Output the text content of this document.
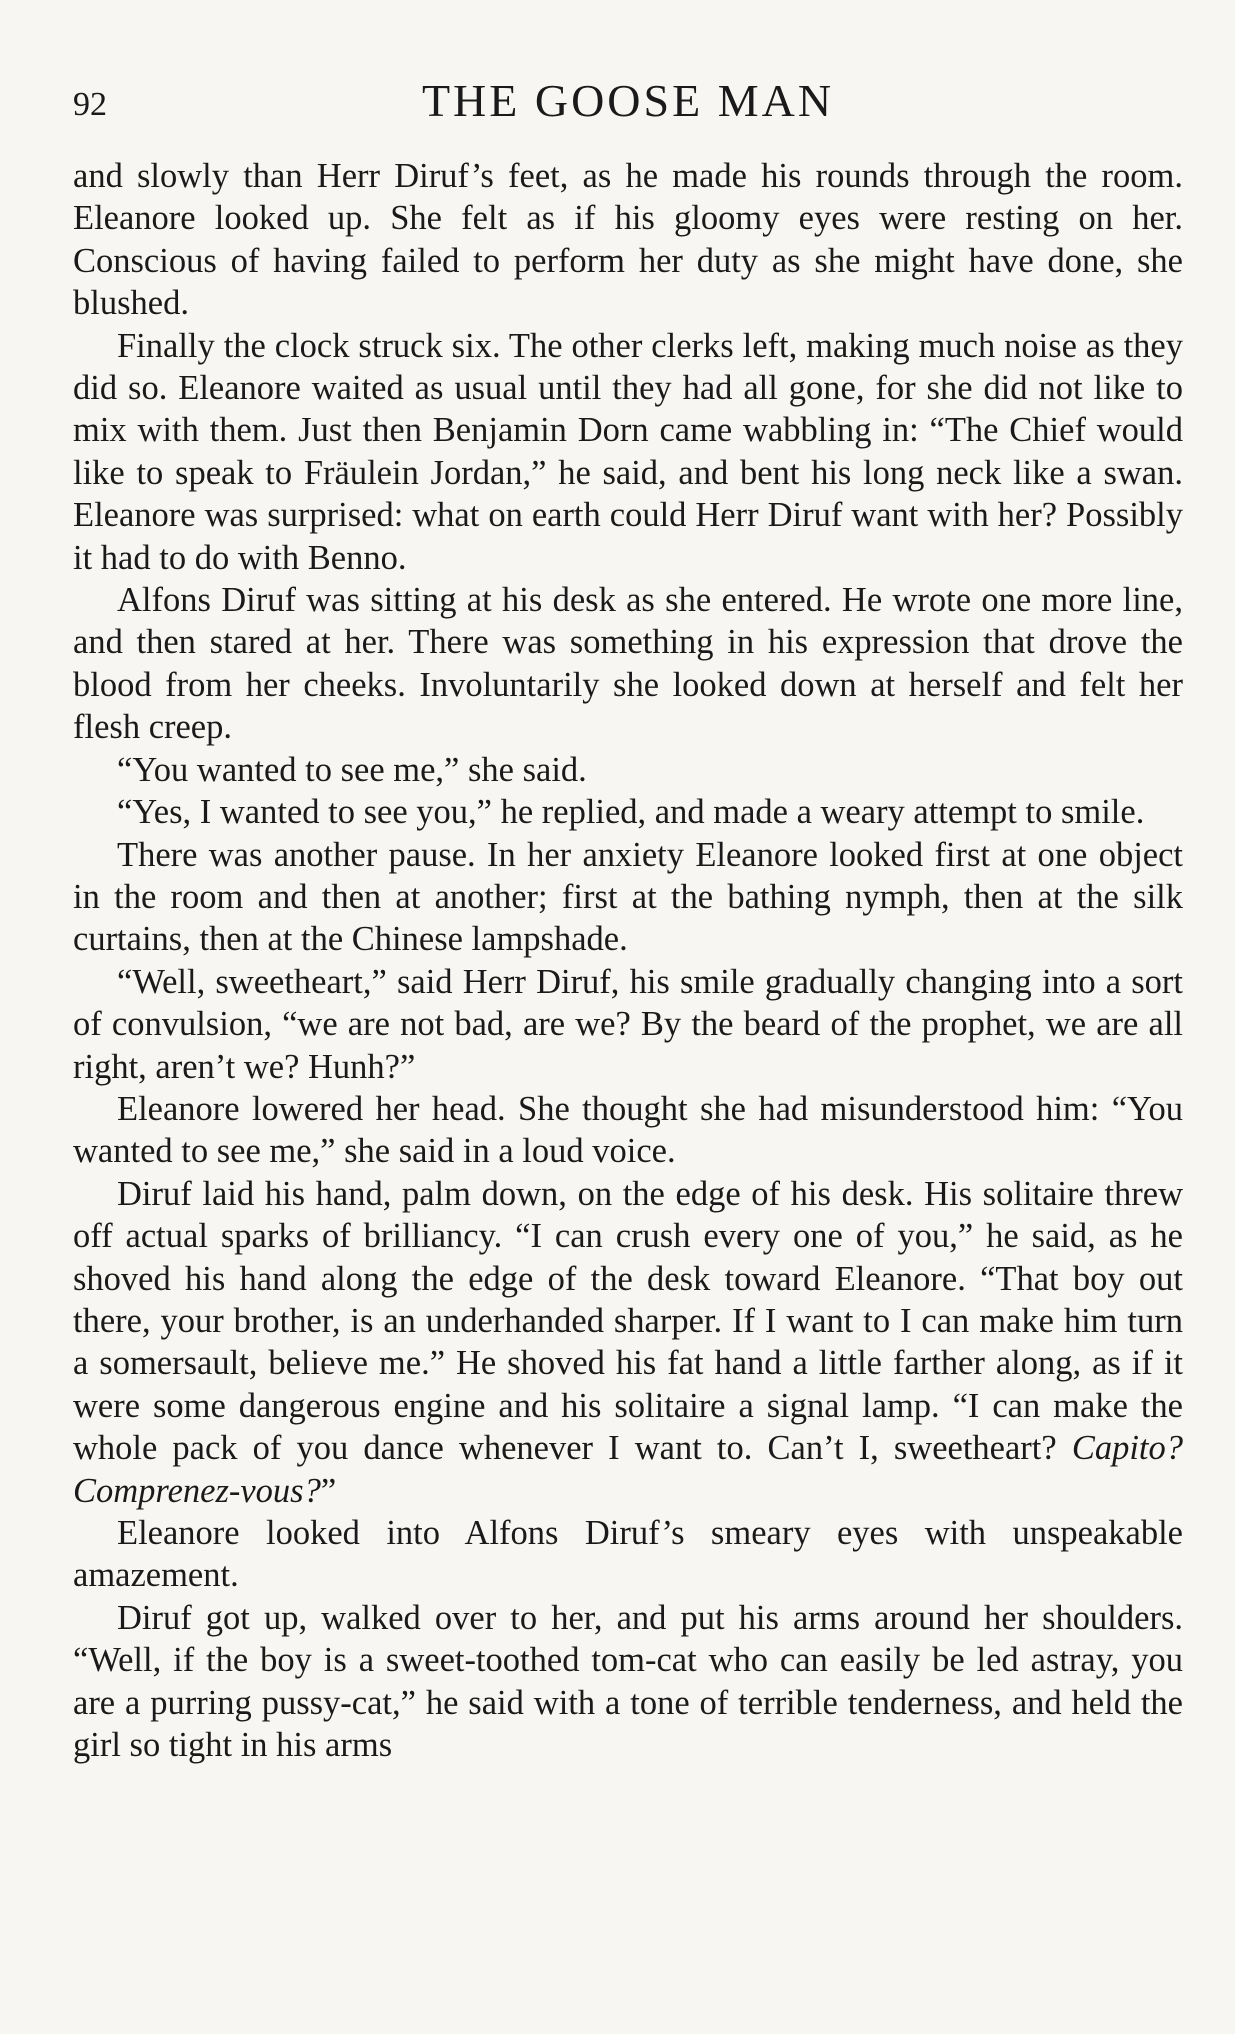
92	THE GOOSE MAN

and slowly than Herr Diruf’s feet, as he made his rounds through the room. Eleanore looked up. She felt as if his gloomy eyes were resting on her. Conscious of having failed to perform her duty as she might have done, she blushed.

Finally the clock struck six. The other clerks left, making much noise as they did so. Eleanore waited as usual until they had all gone, for she did not like to mix with them. Just then Benjamin Dorn came wabbling in: “The Chief would like to speak to Fräulein Jordan,” he said, and bent his long neck like a swan. Eleanore was surprised: what on earth could Herr Diruf want with her? Possibly it had to do with Benno.

Alfons Diruf was sitting at his desk as she entered. He wrote one more line, and then stared at her. There was something in his expression that drove the blood from her cheeks. Involuntarily she looked down at herself and felt her flesh creep.

“You wanted to see me,” she said.

“Yes, I wanted to see you,” he replied, and made a weary attempt to smile.

There was another pause. In her anxiety Eleanore looked first at one object in the room and then at another; first at the bathing nymph, then at the silk curtains, then at the Chinese lampshade.

“Well, sweetheart,” said Herr Diruf, his smile gradually changing into a sort of convulsion, “we are not bad, are we? By the beard of the prophet, we are all right, aren’t we? Hunh?”

Eleanore lowered her head. She thought she had misunderstood him: “You wanted to see me,” she said in a loud voice.

Diruf laid his hand, palm down, on the edge of his desk. His solitaire threw off actual sparks of brilliancy. “I can crush every one of you,” he said, as he shoved his hand along the edge of the desk toward Eleanore. “That boy out there, your brother, is an underhanded sharper. If I want to I can make him turn a somersault, believe me.” He shoved his fat hand a little farther along, as if it were some dangerous engine and his solitaire a signal lamp. “I can make the whole pack of you dance whenever I want to. Can’t I, sweetheart? Capito? Comprenez-vous?”

Eleanore looked into Alfons Diruf’s smeary eyes with unspeakable amazement.

Diruf got up, walked over to her, and put his arms around her shoulders. “Well, if the boy is a sweet-toothed tom-cat who can easily be led astray, you are a purring pussy-cat,” he said with a tone of terrible tenderness, and held the girl so tight in his arms
